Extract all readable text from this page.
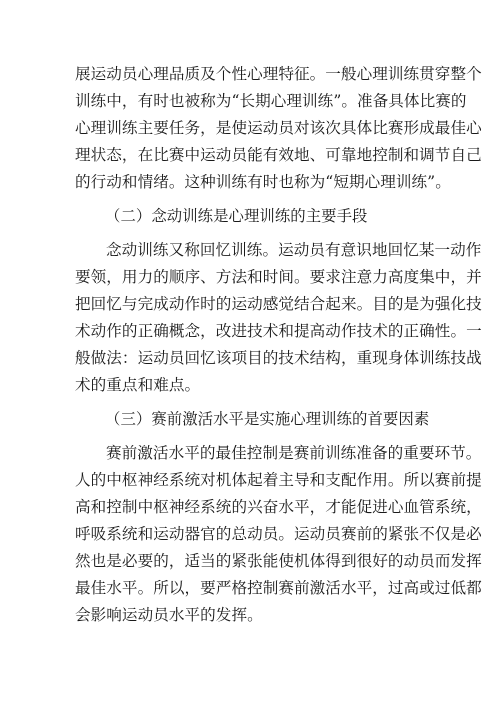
展运动员心理品质及个性心理特征。一般心理训练贯穿整个
训练中，有时也被称为“长期心理训练”。准备具体比赛的
心理训练主要任务，是使运动员对该次具体比赛形成最佳心
理状态，在比赛中运动员能有效地、可靠地控制和调节自己
的行动和情绪。这种训练有时也称为“短期心理训练”。
（二）念动训练是心理训练的主要手段
念动训练又称回忆训练。运动员有意识地回忆某一动作
要领，用力的顺序、方法和时间。要求注意力高度集中，并
把回忆与完成动作时的运动感觉结合起来。目的是为强化技
术动作的正确概念，改进技术和提高动作技术的正确性。一
般做法：运动员回忆该项目的技术结构，重现身体训练技战
术的重点和难点。
（三）赛前激活水平是实施心理训练的首要因素
赛前激活水平的最佳控制是赛前训练准备的重要环节。
人的中枢神经系统对机体起着主导和支配作用。所以赛前提
高和控制中枢神经系统的兴奋水平，才能促进心血管系统，
呼吸系统和运动器官的总动员。运动员赛前的紧张不仅是必
然也是必要的，适当的紧张能使机体得到很好的动员而发挥
最佳水平。所以，要严格控制赛前激活水平，过高或过低都
会影响运动员水平的发挥。
